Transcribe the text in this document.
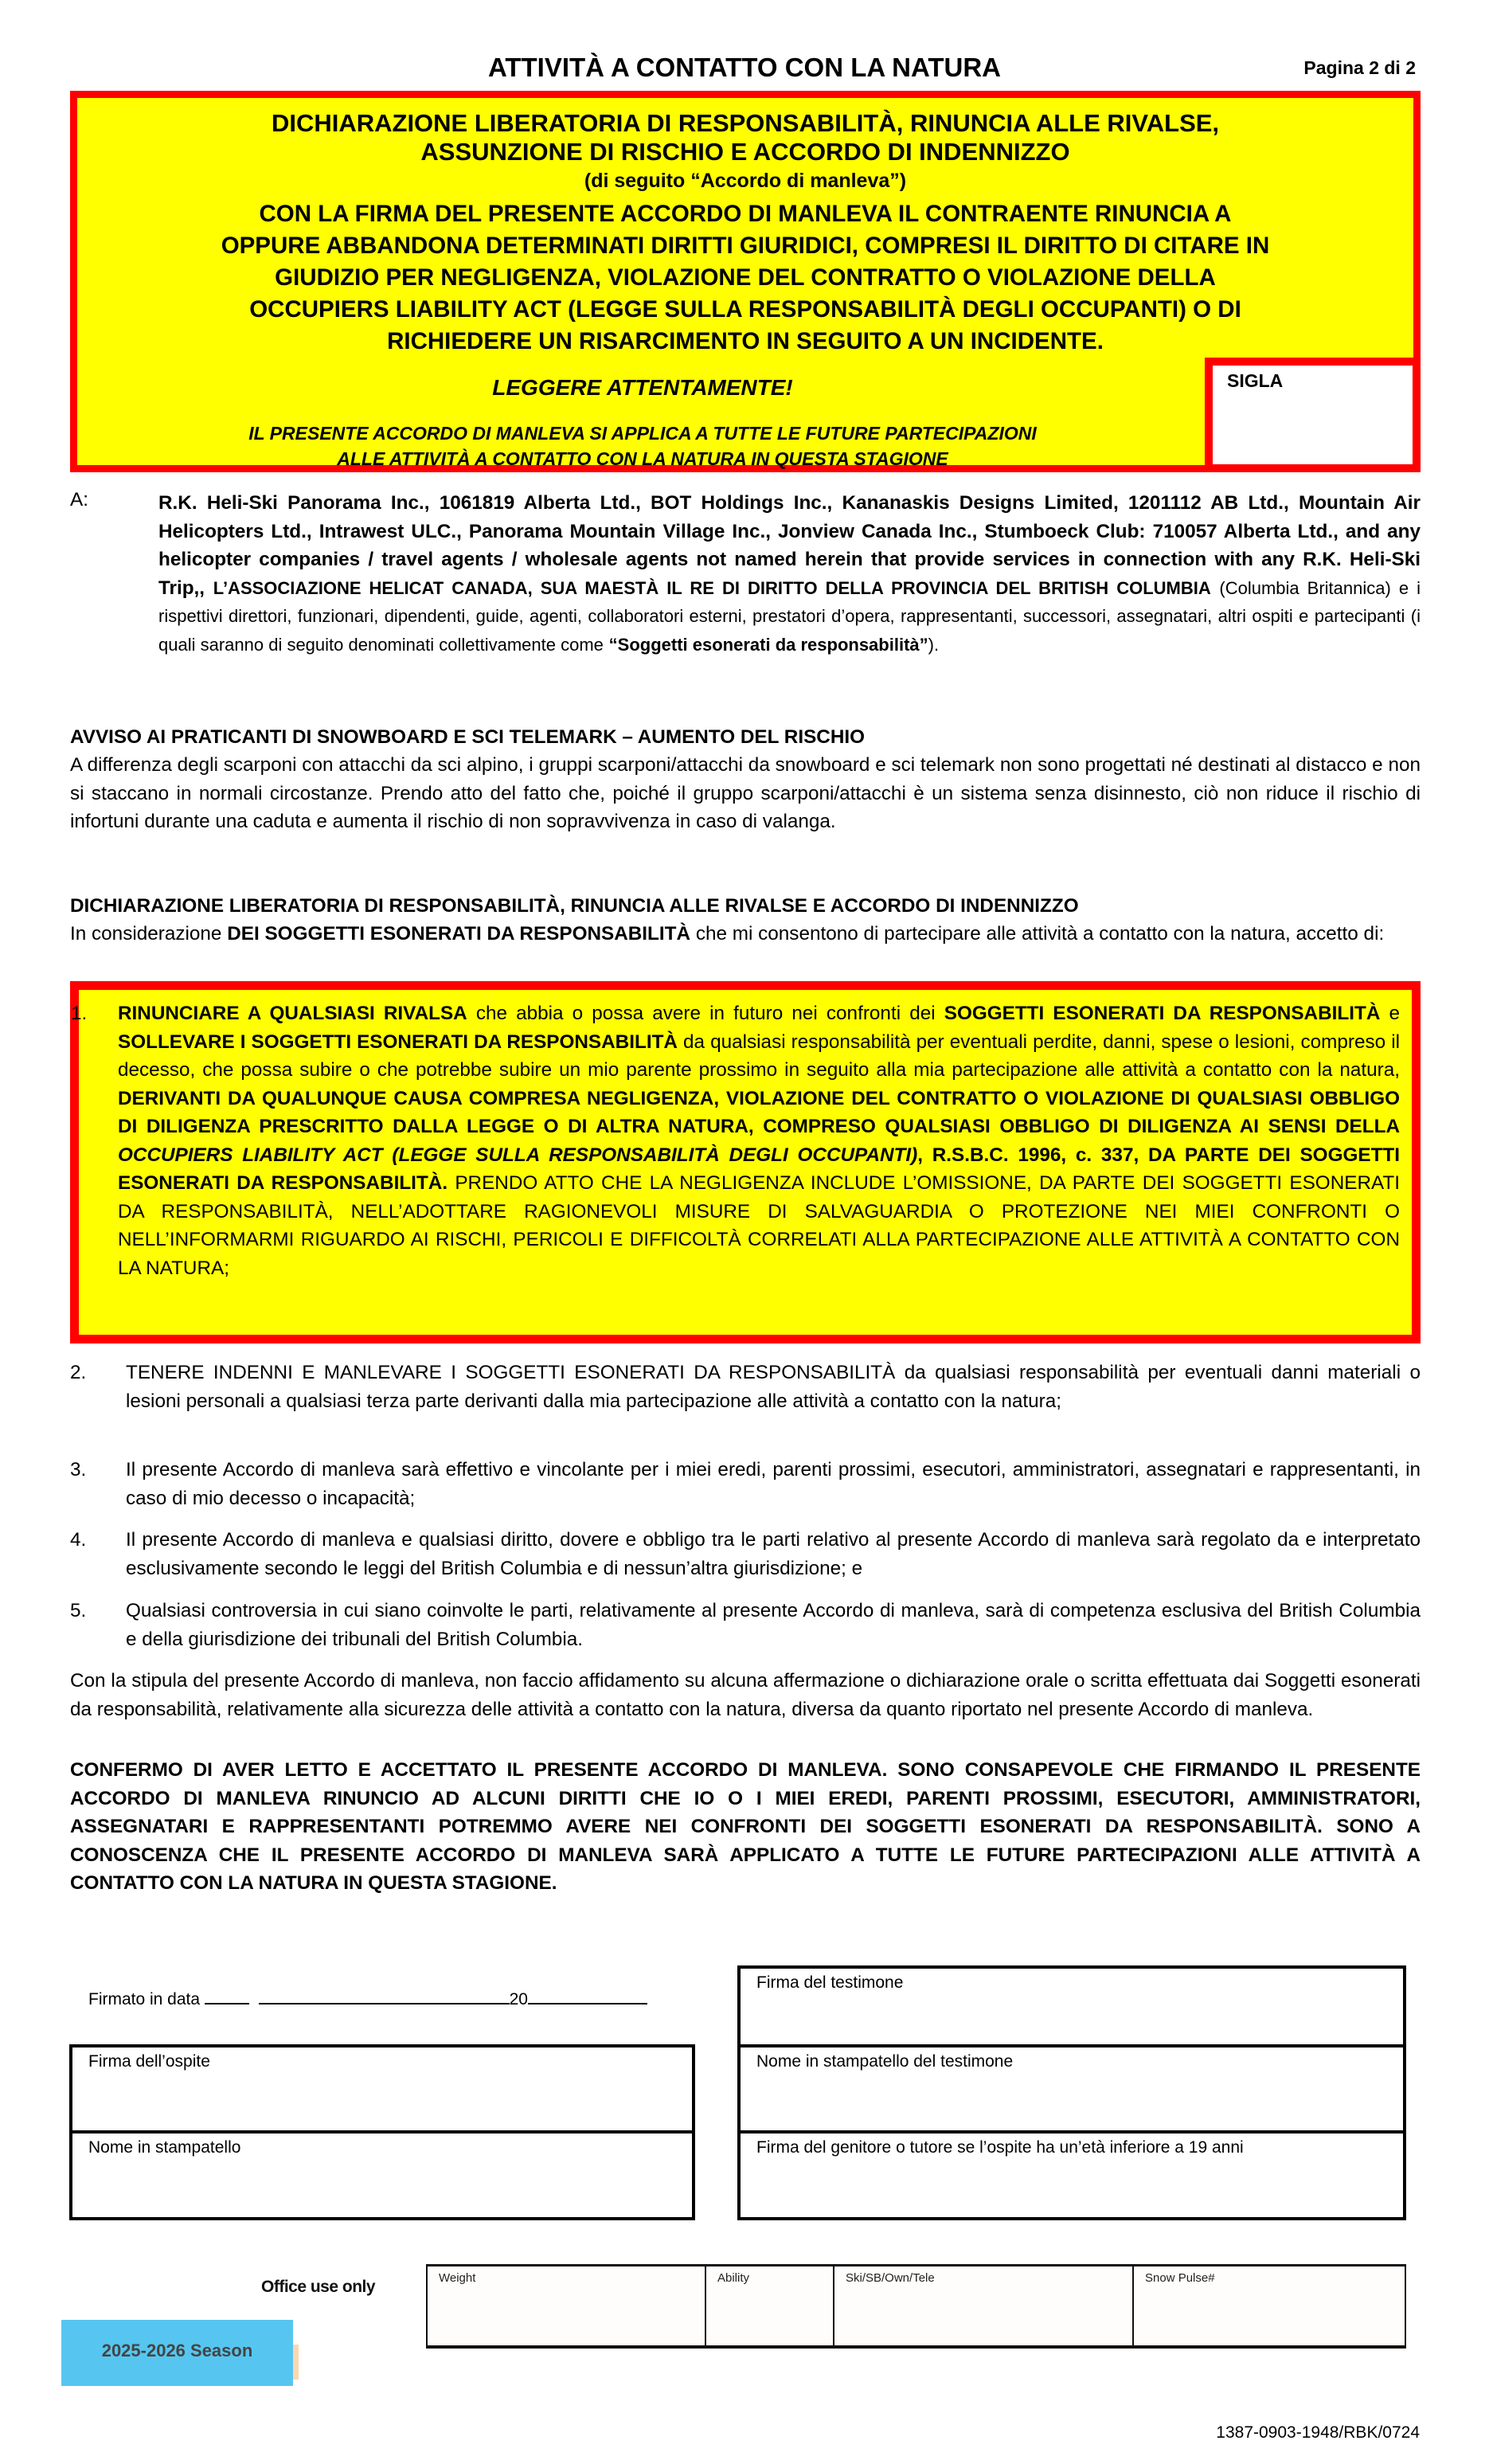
ATTIVITÀ A CONTATTO CON LA NATURA	Pagina 2 di 2
DICHIARAZIONE LIBERATORIA DI RESPONSABILITÀ, RINUNCIA ALLE RIVALSE,
ASSUNZIONE DI RISCHIO E ACCORDO DI INDENNIZZO
(di seguito “Accordo di manleva”)
CON LA FIRMA DEL PRESENTE ACCORDO DI MANLEVA IL CONTRAENTE RINUNCIA A
OPPURE ABBANDONA DETERMINATI DIRITTI GIURIDICI, COMPRESI IL DIRITTO DI CITARE IN
GIUDIZIO PER NEGLIGENZA, VIOLAZIONE DEL CONTRATTO O VIOLAZIONE DELLA
OCCUPIERS LIABILITY ACT (LEGGE SULLA RESPONSABILITÀ DEGLI OCCUPANTI) O DI
RICHIEDERE UN RISARCIMENTO IN SEGUITO A UN INCIDENTE.
LEGGERE ATTENTAMENTE!
IL PRESENTE ACCORDO DI MANLEVA SI APPLICA A TUTTE LE FUTURE PARTECIPAZIONI
ALLE ATTIVITÀ A CONTATTO CON LA NATURA IN QUESTA STAGIONE
SIGLA
A:	R.K. Heli-Ski Panorama Inc., 1061819 Alberta Ltd., BOT Holdings Inc., Kananaskis Designs Limited, 1201112 AB Ltd., Mountain Air Helicopters Ltd., Intrawest ULC., Panorama Mountain Village Inc., Jonview Canada Inc., Stumboeck Club: 710057 Alberta Ltd., and any helicopter companies / travel agents / wholesale agents not named herein that provide services in connection with any R.K. Heli-Ski Trip,, L’ASSOCIAZIONE HELICAT CANADA, SUA MAESTÀ IL RE DI DIRITTO DELLA PROVINCIA DEL BRITISH COLUMBIA (Columbia Britannica) e i rispettivi direttori, funzionari, dipendenti, guide, agenti, collaboratori esterni, prestatori d’opera, rappresentanti, successori, assegnatari, altri ospiti e partecipanti (i quali saranno di seguito denominati collettivamente come “Soggetti esonerati da responsabilità”).
AVVISO AI PRATICANTI DI SNOWBOARD E SCI TELEMARK – AUMENTO DEL RISCHIO
A differenza degli scarponi con attacchi da sci alpino, i gruppi scarponi/attacchi da snowboard e sci telemark non sono progettati né destinati al distacco e non si staccano in normali circostanze. Prendo atto del fatto che, poiché il gruppo scarponi/attacchi è un sistema senza disinnesto, ciò non riduce il rischio di infortuni durante una caduta e aumenta il rischio di non sopravvivenza in caso di valanga.
DICHIARAZIONE LIBERATORIA DI RESPONSABILITÀ, RINUNCIA ALLE RIVALSE E ACCORDO DI INDENNIZZO
In considerazione DEI SOGGETTI ESONERATI DA RESPONSABILITÀ che mi consentono di partecipare alle attività a contatto con la natura, accetto di:
1. RINUNCIARE A QUALSIASI RIVALSA che abbia o possa avere in futuro nei confronti dei SOGGETTI ESONERATI DA RESPONSABILITÀ e SOLLEVARE I SOGGETTI ESONERATI DA RESPONSABILITÀ da qualsiasi responsabilità per eventuali perdite, danni, spese o lesioni, compreso il decesso, che possa subire o che potrebbe subire un mio parente prossimo in seguito alla mia partecipazione alle attività a contatto con la natura, DERIVANTI DA QUALUNQUE CAUSA COMPRESA NEGLIGENZA, VIOLAZIONE DEL CONTRATTO O VIOLAZIONE DI QUALSIASI OBBLIGO DI DILIGENZA PRESCRITTO DALLA LEGGE O DI ALTRA NATURA, COMPRESO QUALSIASI OBBLIGO DI DILIGENZA AI SENSI DELLA OCCUPIERS LIABILITY ACT (LEGGE SULLA RESPONSABILITÀ DEGLI OCCUPANTI), R.S.B.C. 1996, c. 337, DA PARTE DEI SOGGETTI ESONERATI DA RESPONSABILITÀ. PRENDO ATTO CHE LA NEGLIGENZA INCLUDE L’OMISSIONE, DA PARTE DEI SOGGETTI ESONERATI DA RESPONSABILITÀ, NELL’ADOTTARE RAGIONEVOLI MISURE DI SALVAGUARDIA O PROTEZIONE NEI MIEI CONFRONTI O NELL’INFORMARMI RIGUARDO AI RISCHI, PERICOLI E DIFFICOLTÀ CORRELATI ALLA PARTECIPAZIONE ALLE ATTIVITÀ A CONTATTO CON LA NATURA;
2. TENERE INDENNI E MANLEVARE I SOGGETTI ESONERATI DA RESPONSABILITÀ da qualsiasi responsabilità per eventuali danni materiali o lesioni personali a qualsiasi terza parte derivanti dalla mia partecipazione alle attività a contatto con la natura;
3. Il presente Accordo di manleva sarà effettivo e vincolante per i miei eredi, parenti prossimi, esecutori, amministratori, assegnatari e rappresentanti, in caso di mio decesso o incapacità;
4. Il presente Accordo di manleva e qualsiasi diritto, dovere e obbligo tra le parti relativo al presente Accordo di manleva sarà regolato da e interpretato esclusivamente secondo le leggi del British Columbia e di nessun’altra giurisdizione; e
5. Qualsiasi controversia in cui siano coinvolte le parti, relativamente al presente Accordo di manleva, sarà di competenza esclusiva del British Columbia e della giurisdizione dei tribunali del British Columbia.
Con la stipula del presente Accordo di manleva, non faccio affidamento su alcuna affermazione o dichiarazione orale o scritta effettuata dai Soggetti esonerati da responsabilità, relativamente alla sicurezza delle attività a contatto con la natura, diversa da quanto riportato nel presente Accordo di manleva.
CONFERMO DI AVER LETTO E ACCETTATO IL PRESENTE ACCORDO DI MANLEVA. SONO CONSAPEVOLE CHE FIRMANDO IL PRESENTE ACCORDO DI MANLEVA RINUNCIO AD ALCUNI DIRITTI CHE IO O I MIEI EREDI, PARENTI PROSSIMI, ESECUTORI, AMMINISTRATORI, ASSEGNATARI E RAPPRESENTANTI POTREMMO AVERE NEI CONFRONTI DEI SOGGETTI ESONERATI DA RESPONSABILITÀ. SONO A CONOSCENZA CHE IL PRESENTE ACCORDO DI MANLEVA SARÀ APPLICATO A TUTTE LE FUTURE PARTECIPAZIONI ALLE ATTIVITÀ A CONTATTO CON LA NATURA IN QUESTA STAGIONE.
Firmato in data	20
Firma dell’ospite
Nome in stampatello
Firma del testimone
Nome in stampatello del testimone
Firma del genitore o tutore se l’ospite ha un’età inferiore a 19 anni
Office use only	Weight	Ability	Ski/SB/Own/Tele	Snow Pulse#
2025-2026 Season
1387-0903-1948/RBK/0724
